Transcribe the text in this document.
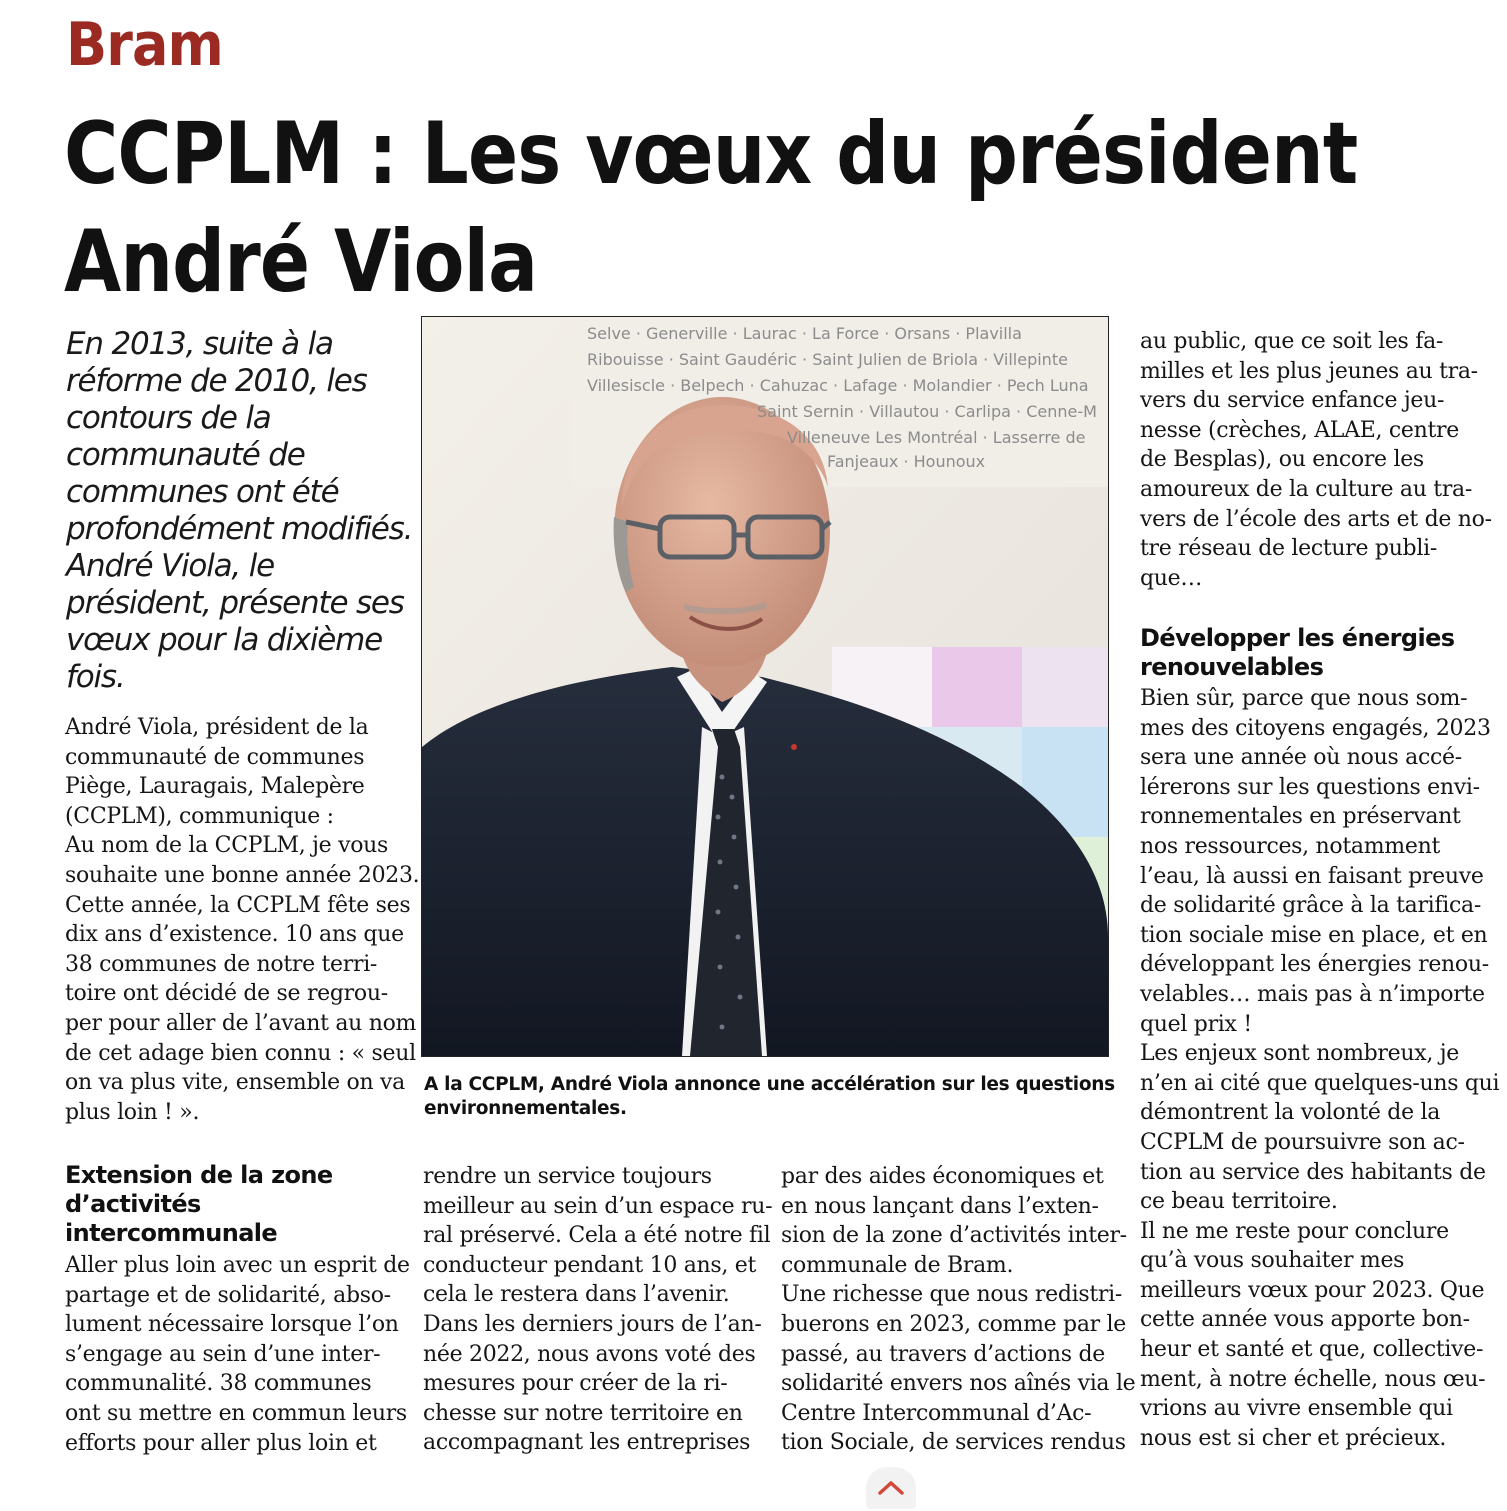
Bram
CCPLM : Les vœux du président
André Viola
En 2013, suite à la
réforme de 2010, les
contours de la
communauté de
communes ont été
profondément modifiés.
André Viola, le
président, présente ses
vœux pour la dixième
fois.
André Viola, président de la
communauté de communes
Piège, Lauragais, Malepère
(CCPLM), communique :
Au nom de la CCPLM, je vous
souhaite une bonne année 2023.
Cette année, la CCPLM fête ses
dix ans d’existence. 10 ans que
38 communes de notre terri-
toire ont décidé de se regrou-
per pour aller de l’avant au nom
de cet adage bien connu : « seul
on va plus vite, ensemble on va
plus loin ! ».
Extension de la zone
d’activités
intercommunale
Aller plus loin avec un esprit de
partage et de solidarité, abso-
lument nécessaire lorsque l’on
s’engage au sein d’une inter-
communalité. 38 communes
ont su mettre en commun leurs
efforts pour aller plus loin et
Selve · Generville · Laurac · La Force · Orsans · Plavilla
Ribouisse · Saint Gaudéric · Saint Julien de Briola · Villepinte
Villesiscle · Belpech · Cahuzac · Lafage · Molandier · Pech Luna
Saint Sernin · Villautou · Carlipa · Cenne-M
Villeneuve Les Montréal · Lasserre de
Fanjeaux · Hounoux
A la CCPLM, André Viola annonce une accélération sur les questions
environnementales.
rendre un service toujours
meilleur au sein d’un espace ru-
ral préservé. Cela a été notre fil
conducteur pendant 10 ans, et
cela le restera dans l’avenir.
Dans les derniers jours de l’an-
née 2022, nous avons voté des
mesures pour créer de la ri-
chesse sur notre territoire en
accompagnant les entreprises
par des aides économiques et
en nous lançant dans l’exten-
sion de la zone d’activités inter-
communale de Bram.
Une richesse que nous redistri-
buerons en 2023, comme par le
passé, au travers d’actions de
solidarité envers nos aînés via le
Centre Intercommunal d’Ac-
tion Sociale, de services rendus
au public, que ce soit les fa-
milles et les plus jeunes au tra-
vers du service enfance jeu-
nesse (crèches, ALAE, centre
de Besplas), ou encore les
amoureux de la culture au tra-
vers de l’école des arts et de no-
tre réseau de lecture publi-
que…
Développer les énergies
renouvelables
Bien sûr, parce que nous som-
mes des citoyens engagés, 2023
sera une année où nous accé-
lérerons sur les questions envi-
ronnementales en préservant
nos ressources, notamment
l’eau, là aussi en faisant preuve
de solidarité grâce à la tarifica-
tion sociale mise en place, et en
développant les énergies renou-
velables… mais pas à n’importe
quel prix !
Les enjeux sont nombreux, je
n’en ai cité que quelques-uns qui
démontrent la volonté de la
CCPLM de poursuivre son ac-
tion au service des habitants de
ce beau territoire.
Il ne me reste pour conclure
qu’à vous souhaiter mes
meilleurs vœux pour 2023. Que
cette année vous apporte bon-
heur et santé et que, collective-
ment, à notre échelle, nous œu-
vrions au vivre ensemble qui
nous est si cher et précieux.
